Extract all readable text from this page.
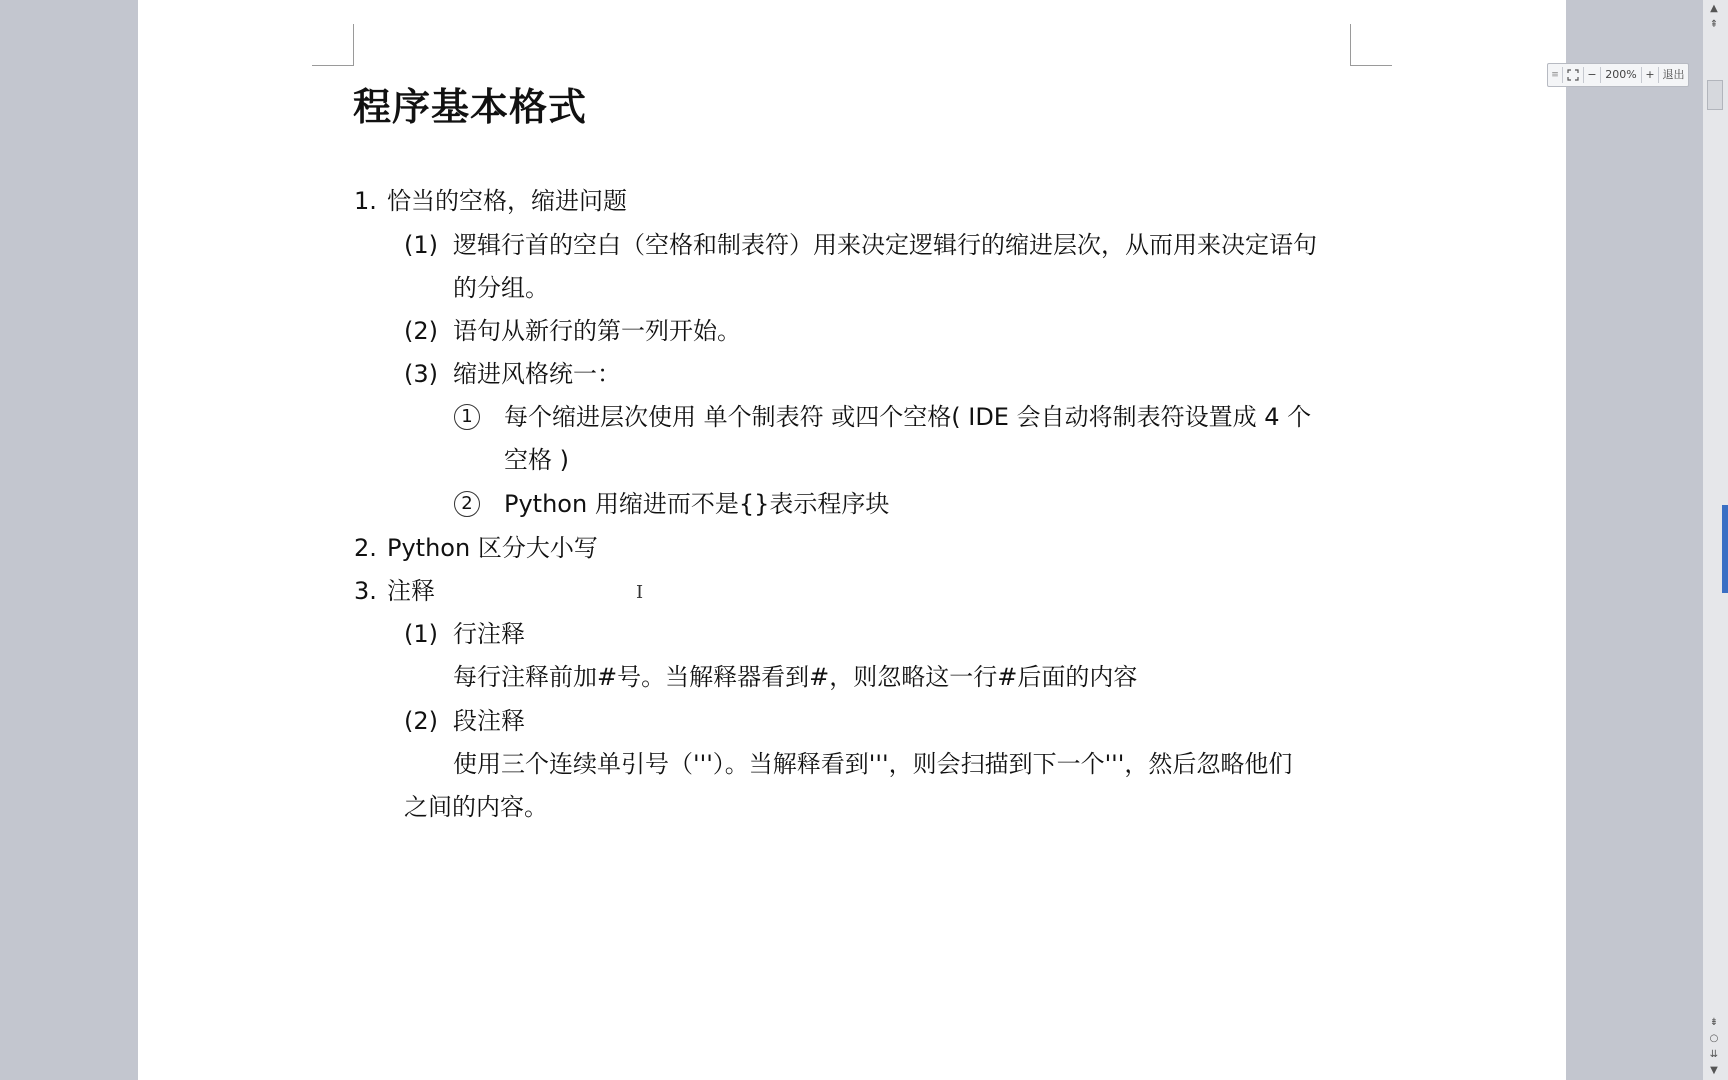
程序基本格式
1. 恰当的空格，缩进问题
(1) 逻辑行首的空白（空格和制表符）用来决定逻辑行的缩进层次，从而用来决定语句
的分组。
(2) 语句从新行的第一列开始。
(3) 缩进风格统一：
1	每个缩进层次使用 单个制表符 或四个空格( IDE 会自动将制表符设置成 4 个
空格 )
2	Python 用缩进而不是{}表示程序块
2. Python 区分大小写
3. 注释
(1) 行注释
每行注释前加#号。当解释器看到#，则忽略这一行#后面的内容
(2) 段注释
使用三个连续单引号（'''）。当解释看到'''，则会扫描到下一个'''，然后忽略他们
之间的内容。
I
≡	− 200% + 退出
▲
⇞
⇟
○
⇊
▼
